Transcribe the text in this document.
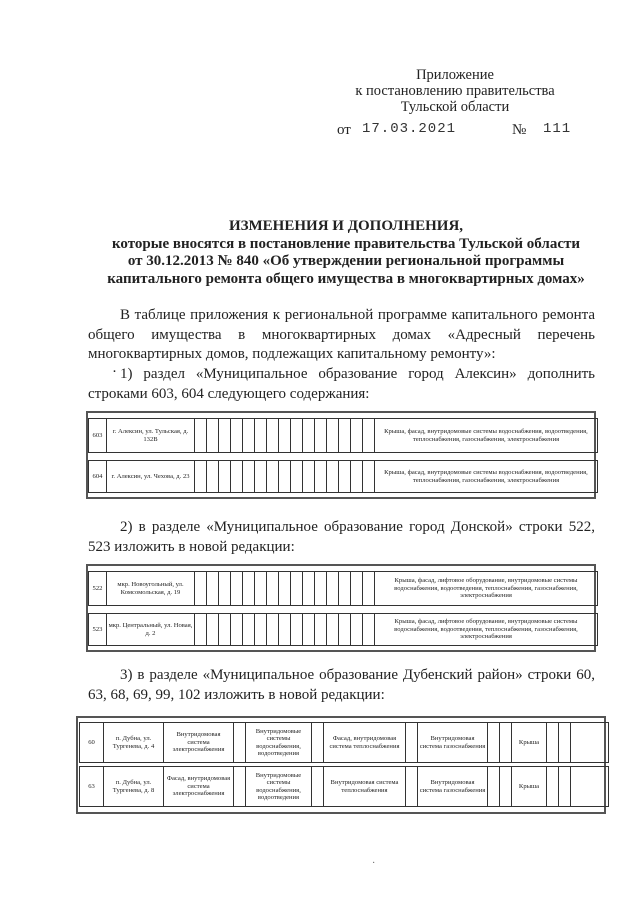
Приложение
к постановлению правительства
Тульской области
от 17.03.2021	№ 111
ИЗМЕНЕНИЯ И ДОПОЛНЕНИЯ,
которые вносятся в постановление правительства Тульской области
от 30.12.2013 № 840 «Об утверждении региональной программы
капитального ремонта общего имущества в многоквартирных домах»
В таблице приложения к региональной программе капитального ремонта общего имущества в многоквартирных домах «Адресный перечень многоквартирных домов, подлежащих капитальному ремонту»:
· 1) раздел «Муниципальное образование город Алексин» дополнить строками 603, 604 следующего содержания:
603	г. Алексин, ул. Тульская, д. 132В																Крыша, фасад, внутридомовые системы водоснабжения, водоотведения, теплоснабжения, газоснабжения, электроснабжения
604	г. Алексин, ул. Чехова, д. 23																Крыша, фасад, внутридомовые системы водоснабжения, водоотведения, теплоснабжения, газоснабжения, электроснабжения
2) в разделе «Муниципальное образование город Донской» строки 522, 523 изложить в новой редакции:
522	мкр. Новоугольный, ул. Комсомольская, д. 19																Крыша, фасад, лифтовое оборудование, внутридомовые системы водоснабжения, водоотведения, теплоснабжения, газоснабжения, электроснабжения
523	мкр. Центральный, ул. Новая, д. 2																Крыша, фасад, лифтовое оборудование, внутридомовые системы водоснабжения, водоотведения, теплоснабжения, газоснабжения, электроснабжения
3) в разделе «Муниципальное образование Дубенский район» строки 60, 63, 68, 69, 99, 102 изложить в новой редакции:
60	п. Дубна, ул. Тургенева, д. 4	Внутридомовая система электроснабжения		Внутридомовые системы водоснабжения, водоотведения		Фасад, внутридомовая система теплоснабжения		Внутридомовая система газоснабжения			Крыша			
63	п. Дубна, ул. Тургенева, д. 8	Фасад, внутридомовая система электроснабжения		Внутридомовые системы водоснабжения, водоотведения		Внутридомовая система теплоснабжения		Внутридомовая система газоснабжения			Крыша			
·
